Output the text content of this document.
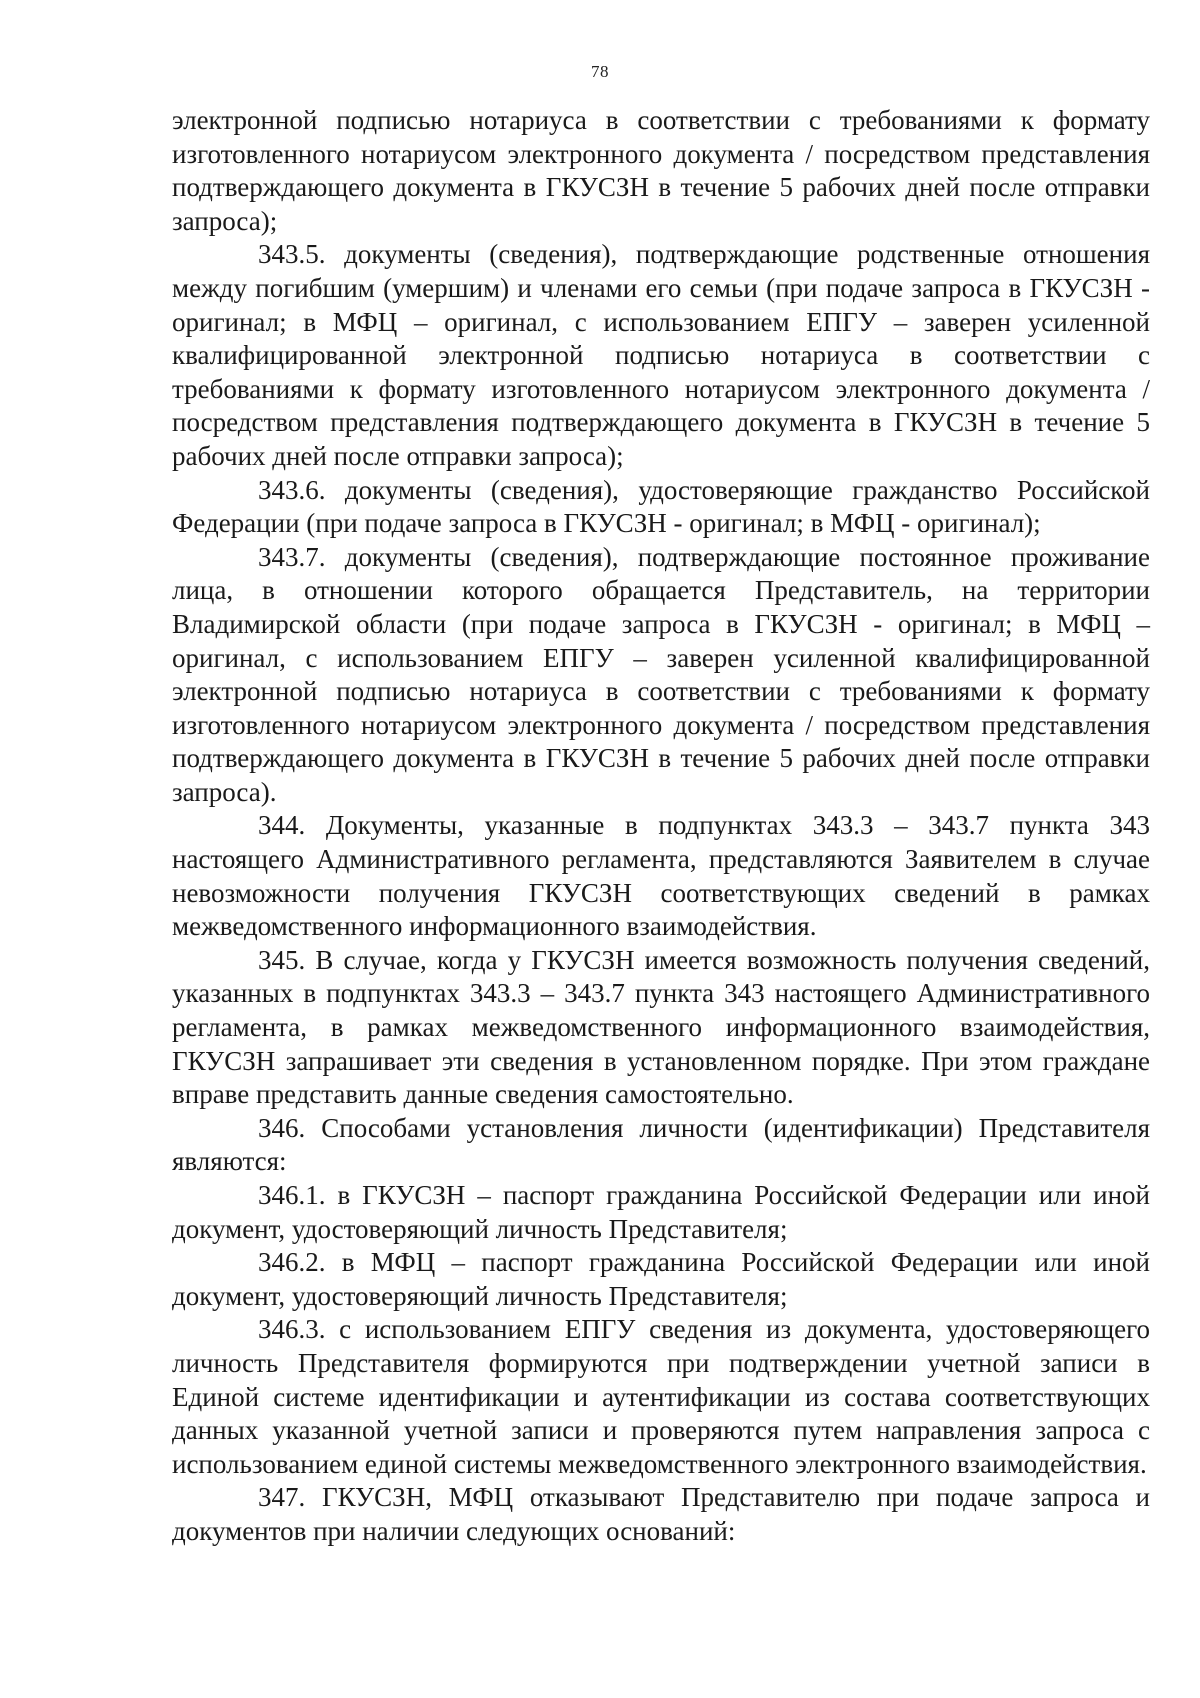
78

электронной подписью нотариуса в соответствии с требованиями к формату изготовленного нотариусом электронного документа / посредством представления подтверждающего документа в ГКУСЗН в течение 5 рабочих дней после отправки запроса);

343.5. документы (сведения), подтверждающие родственные отношения между погибшим (умершим) и членами его семьи (при подаче запроса в ГКУСЗН - оригинал; в МФЦ – оригинал, с использованием ЕПГУ – заверен усиленной квалифицированной электронной подписью нотариуса в соответствии с требованиями к формату изготовленного нотариусом электронного документа / посредством представления подтверждающего документа в ГКУСЗН в течение 5 рабочих дней после отправки запроса);

343.6. документы (сведения), удостоверяющие гражданство Российской Федерации (при подаче запроса в ГКУСЗН - оригинал; в МФЦ - оригинал);

343.7. документы (сведения), подтверждающие постоянное проживание лица, в отношении которого обращается Представитель, на территории Владимирской области (при подаче запроса в ГКУСЗН - оригинал; в МФЦ – оригинал, с использованием ЕПГУ – заверен усиленной квалифицированной электронной подписью нотариуса в соответствии с требованиями к формату изготовленного нотариусом электронного документа / посредством представления подтверждающего документа в ГКУСЗН в течение 5 рабочих дней после отправки запроса).

344. Документы, указанные в подпунктах 343.3 – 343.7 пункта 343 настоящего Административного регламента, представляются Заявителем в случае невозможности получения ГКУСЗН соответствующих сведений в рамках межведомственного информационного взаимодействия.

345. В случае, когда у ГКУСЗН имеется возможность получения сведений, указанных в подпунктах 343.3 – 343.7 пункта 343 настоящего Административного регламента, в рамках межведомственного информационного взаимодействия, ГКУСЗН запрашивает эти сведения в установленном порядке. При этом граждане вправе представить данные сведения самостоятельно.

346. Способами установления личности (идентификации) Представителя являются:

346.1. в ГКУСЗН – паспорт гражданина Российской Федерации или иной документ, удостоверяющий личность Представителя;

346.2. в МФЦ – паспорт гражданина Российской Федерации или иной документ, удостоверяющий личность Представителя;

346.3. с использованием ЕПГУ сведения из документа, удостоверяющего личность Представителя формируются при подтверждении учетной записи в Единой системе идентификации и аутентификации из состава соответствующих данных указанной учетной записи и проверяются путем направления запроса с использованием единой системы межведомственного электронного взаимодействия.

347. ГКУСЗН, МФЦ отказывают Представителю при подаче запроса и документов при наличии следующих оснований:
